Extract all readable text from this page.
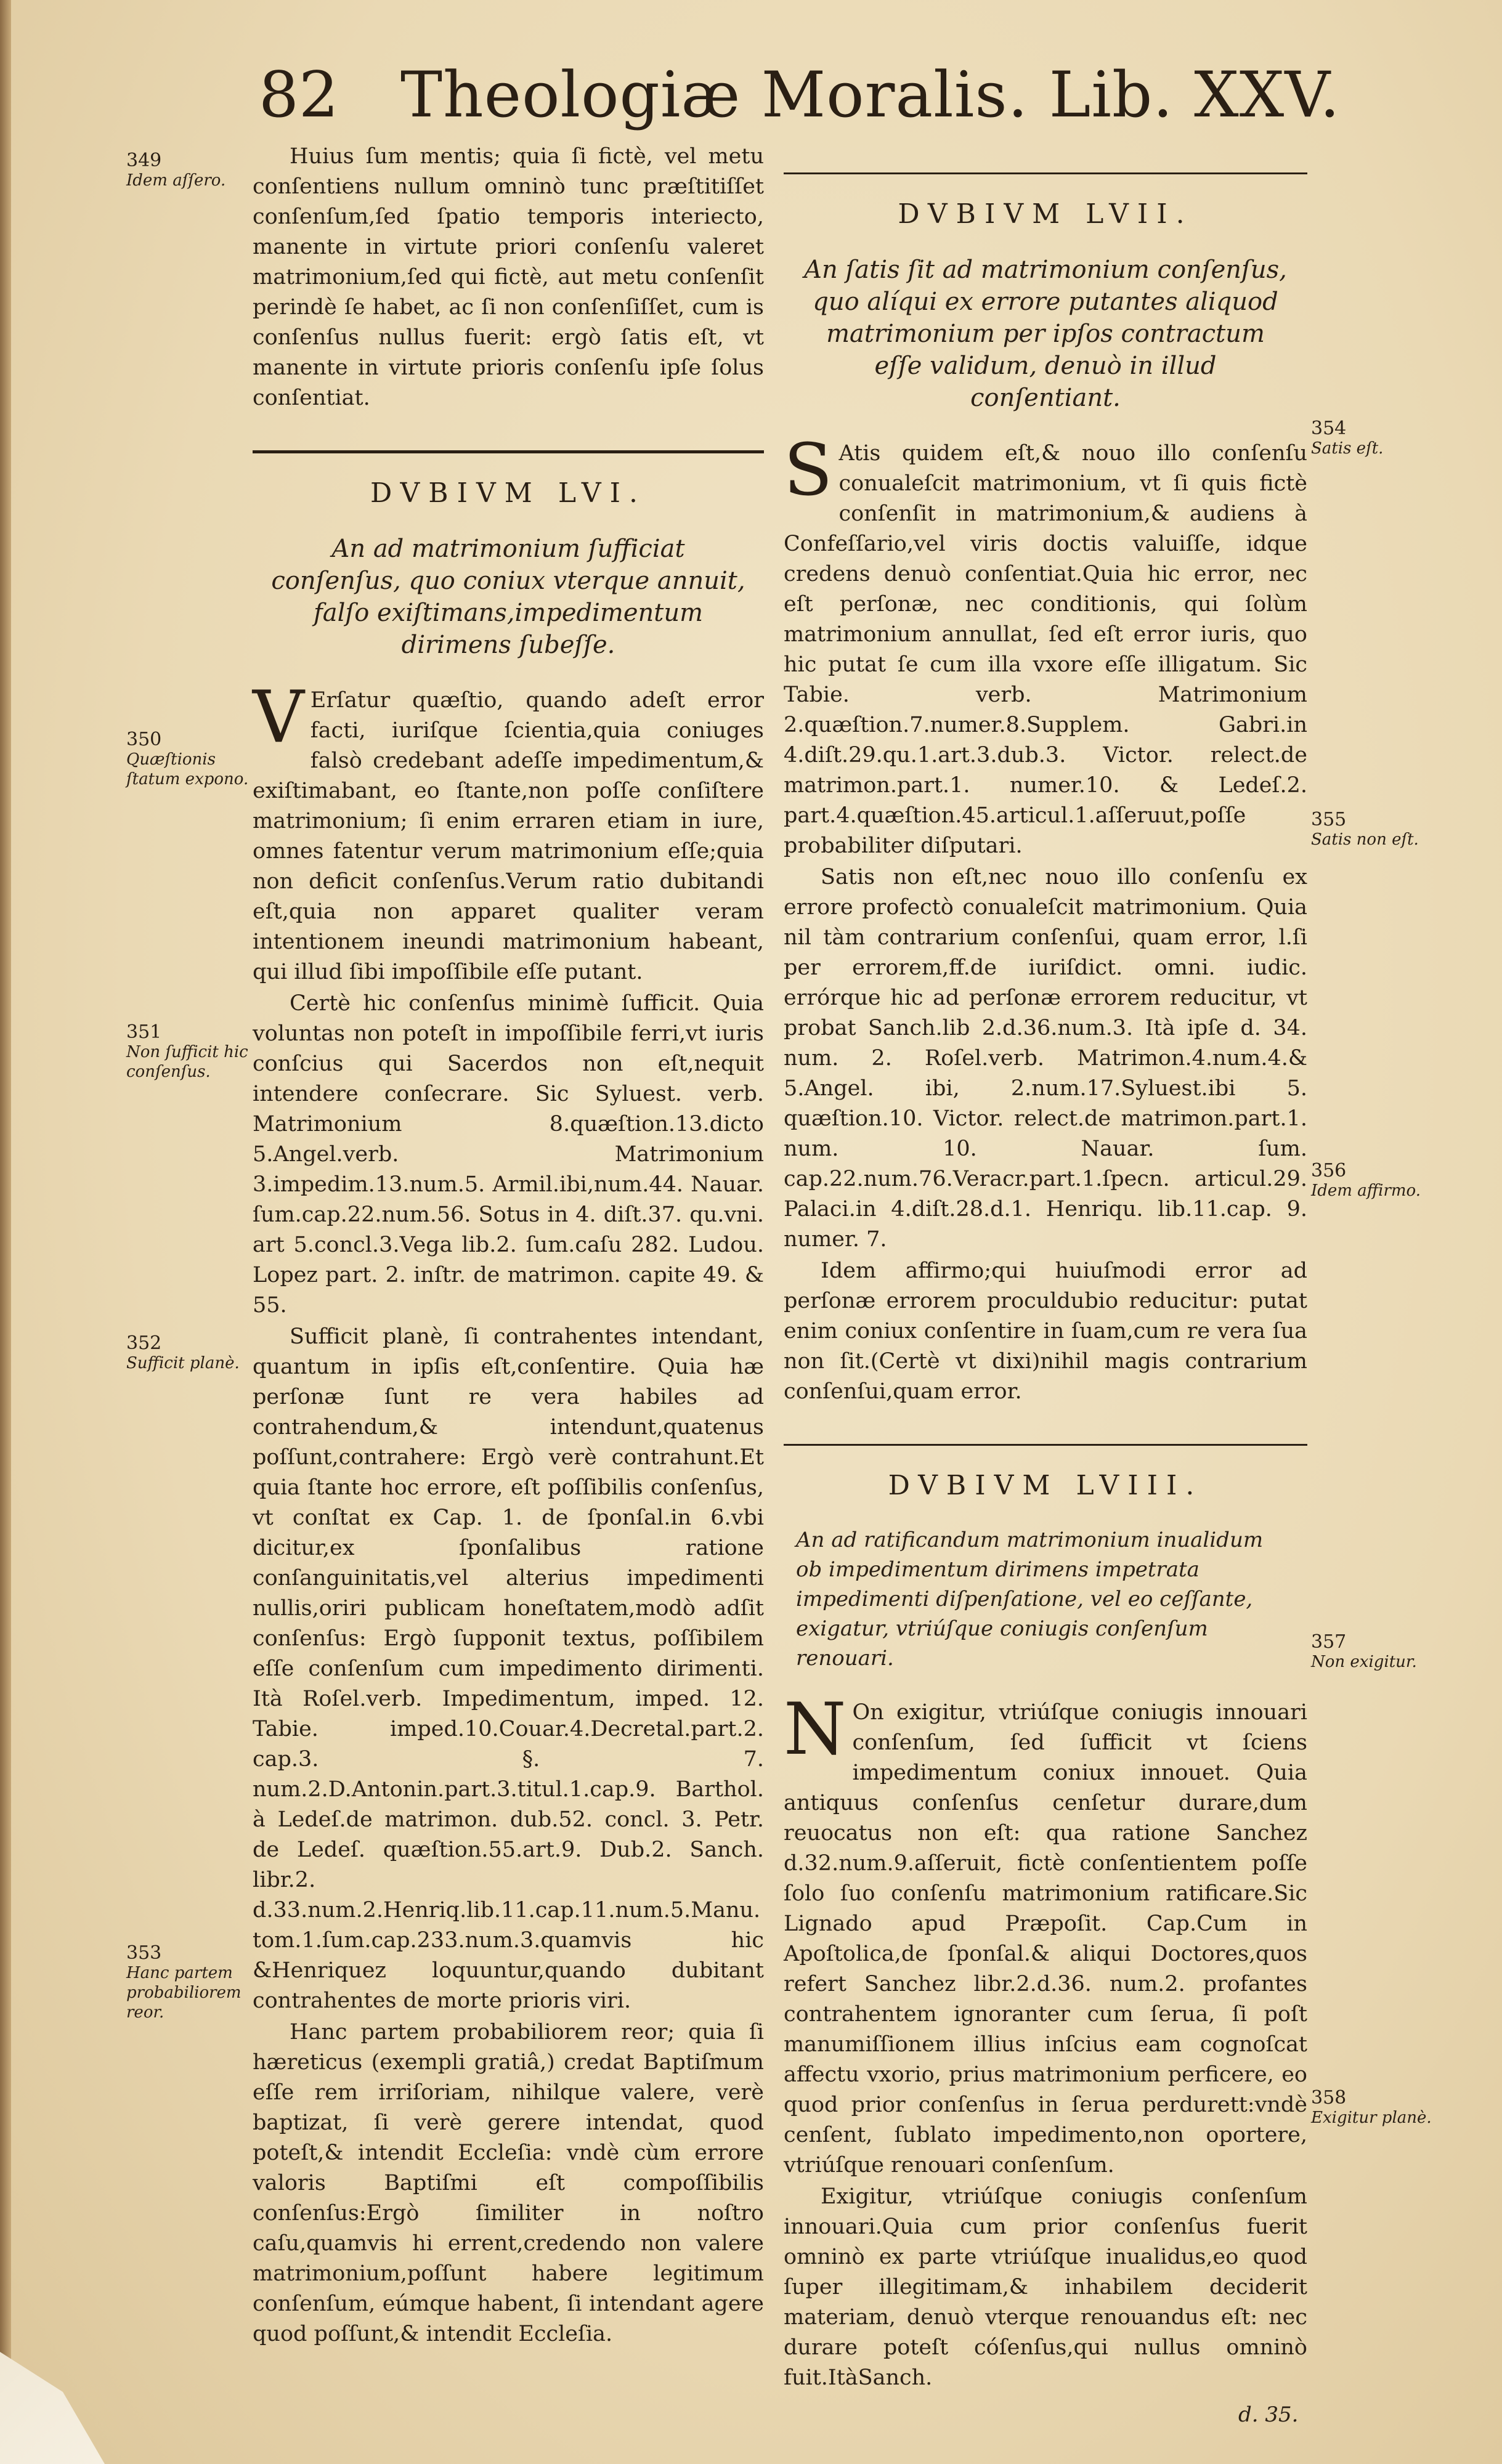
82 Theologiæ Moralis. Lib. XXV.

Huius ſum mentis; quia ſi fictè, vel metu conſentiens nullum omninò tunc præſtitiſſet conſenſum,ſed ſpatio temporis interiecto, manente in virtute priori conſenſu valeret matrimonium,ſed qui fictè, aut metu conſenſit perindè ſe habet, ac ſi non conſenſiſſet, cum is conſenſus nullus fuerit: ergò ſatis eſt, vt manente in virtute prioris conſenſu ipſe ſolus conſentiat.

DVBIVM LVI.
An ad matrimonium ſufficiat conſenſus, quo coniux vterque annuit, falſo exiſtimans,impedimentum dirimens ſubeſſe.

V Erſatur quæſtio, quando adeſt error facti, iuriſque ſcientia,quia coniuges falsò credebant adeſſe impedimentum,& exiſtimabant, eo ſtante,non poſſe conſiſtere matrimonium; ſi enim erraren etiam in iure, omnes fatentur verum matrimonium eſſe;quia non deficit conſenſus.Verum ratio dubitandi eſt,quia non apparet qualiter veram intentionem ineundi matrimonium habeant, qui illud ſibi impoſſibile eſſe putant.

Certè hic conſenſus minimè ſufficit. Quia voluntas non poteſt in impoſſibile ferri,vt iuris conſcius qui Sacerdos non eſt,nequit intendere conſecrare. Sic Syluest. verb. Matrimonium 8.quæſtion.13.dicto 5.Angel.verb. Matrimonium 3.impedim.13.num.5. Armil.ibi,num.44. Nauar. ſum.cap.22.num.56. Sotus in 4. diſt.37. qu.vni. art 5.concl.3.Vega lib.2. ſum.caſu 282. Ludou. Lopez part. 2. inſtr. de matrimon. capite 49. & 55.

Sufficit planè, ſi contrahentes intendant, quantum in ipſis eſt,conſentire. Quia hæ perſonæ ſunt re vera habiles ad contrahendum,& intendunt,quatenus poſſunt,contrahere: Ergò verè contrahunt.Et quia ſtante hoc errore, eſt poſſibilis conſenſus, vt conſtat ex Cap. 1. de ſponſal.in 6.vbi dicitur,ex ſponſalibus ratione conſanguinitatis,vel alterius impedimenti nullis,oriri publicam honeſtatem,modò adſit conſenſus: Ergò ſupponit textus, poſſibilem eſſe conſenſum cum impedimento dirimenti. Ità Roſel.verb. Impedimentum, imped. 12. Tabie. imped.10.Couar.4.Decretal.part.2. cap.3. §. 7. num.2.D.Antonin.part.3.titul.1.cap.9. Barthol. à Ledeſ.de matrimon. dub.52. concl. 3. Petr. de Ledeſ. quæſtion.55.art.9. Dub.2. Sanch. libr.2. d.33.num.2.Henriq.lib.11.cap.11.num.5.Manu. tom.1.ſum.cap.233.num.3.quamvis hic &Henriquez loquuntur,quando dubitant contrahentes de morte prioris viri.

Hanc partem probabiliorem reor; quia ſi hæreticus (exempli gratiâ,) credat Baptiſmum eſſe rem irriſoriam, nihilque valere, verè baptizat, ſi verè gerere intendat, quod poteſt,& intendit Eccleſia: vndè cùm errore valoris Baptiſmi eſt compoſſibilis conſenſus:Ergò ſimiliter in noſtro caſu,quamvis hi errent,credendo non valere matrimonium,poſſunt habere legitimum conſenſum, eúmque habent, ſi intendant agere quod poſſunt,& intendit Eccleſia.

DVBIVM LVII.
An ſatis ſit ad matrimonium conſenſus, quo alíqui ex errore putantes aliquod matrimonium per ipſos contractum eſſe validum, denuò in illud conſentiant.

S Atis quidem eſt,& nouo illo conſenſu conualeſcit matrimonium, vt ſi quis fictè conſenſit in matrimonium,& audiens à Confeſſario,vel viris doctis valuiſſe, idque credens denuò conſentiat.Quia hic error, nec eſt perſonæ, nec conditionis, qui ſolùm matrimonium annullat, ſed eſt error iuris, quo hic putat ſe cum illa vxore eſſe illigatum. Sic Tabie. verb. Matrimonium 2.quæſtion.7.numer.8.Supplem. Gabri.in 4.diſt.29.qu.1.art.3.dub.3. Victor. relect.de matrimon.part.1. numer.10. & Ledeſ.2. part.4.quæſtion.45.articul.1.aſſeruut,poſſe probabiliter diſputari.

Satis non eſt,nec nouo illo conſenſu ex errore profectò conualeſcit matrimonium. Quia nil tàm contrarium conſenſui, quam error, l.ſi per errorem,ff.de iuriſdict. omni. iudic. errórque hic ad perſonæ errorem reducitur, vt probat Sanch.lib 2.d.36.num.3. Ità ipſe d. 34. num. 2. Roſel.verb. Matrimon.4.num.4.& 5.Angel. ibi, 2.num.17.Syluest.ibi 5. quæſtion.10. Victor. relect.de matrimon.part.1. num. 10. Nauar. ſum. cap.22.num.76.Veracr.part.1.ſpecn. articul.29. Palaci.in 4.diſt.28.d.1. Henriqu. lib.11.cap. 9. numer. 7.

Idem affirmo;qui huiuſmodi error ad perſonæ errorem proculdubio reducitur: putat enim coniux conſentire in ſuam,cum re vera ſua non ſit.(Certè vt dixi)nihil magis contrarium conſenſui,quam error.

DVBIVM LVIII.
An ad ratificandum matrimonium inualidum ob impedimentum dirimens impetrata impedimenti diſpenſatione, vel eo ceſſante, exigatur, vtriúſque coniugis conſenſum renouari.

N On exigitur, vtriúſque coniugis innouari conſenſum, ſed ſufficit vt ſciens impedimentum coniux innouet. Quia antiquus conſenſus cenſetur durare,dum reuocatus non eſt: qua ratione Sanchez d.32.num.9.aſſeruit, fictè conſentientem poſſe ſolo ſuo conſenſu matrimonium ratificare.Sic Lignado apud Præpoſit. Cap.Cum in Apoſtolica,de ſponſal.& aliqui Doctores,quos refert Sanchez libr.2.d.36. num.2. profantes contrahentem ignoranter cum ſerua, ſi poſt manumiſſionem illius inſcius eam cognoſcat affectu vxorio, prius matrimonium perficere, eo quod prior conſenſus in ſerua perdurett:vndè cenſent, ſublato impedimento,non oportere, vtriúſque renouari conſenſum.

Exigitur, vtriúſque coniugis conſenſum innouari.Quia cum prior conſenſus fuerit omninò ex parte vtriúſque inualidus,eo quod ſuper illegitimam,& inhabilem deciderit materiam, denuò vterque renouandus eſt: nec durare poteſt cóſenſus,qui nullus omninò fuit.ItàSanch.

d. 35.
349
Idem aſſero.
350
Quæſtionis ſtatum expono.
351
Non ſufficit hic conſenſus.
352
Sufficit planè.
353
Hanc partem probabiliorem reor.
354
Satis eſt.
355
Satis non eſt.
356
Idem affirmo.
357
Non exigitur.
358
Exigitur planè.
